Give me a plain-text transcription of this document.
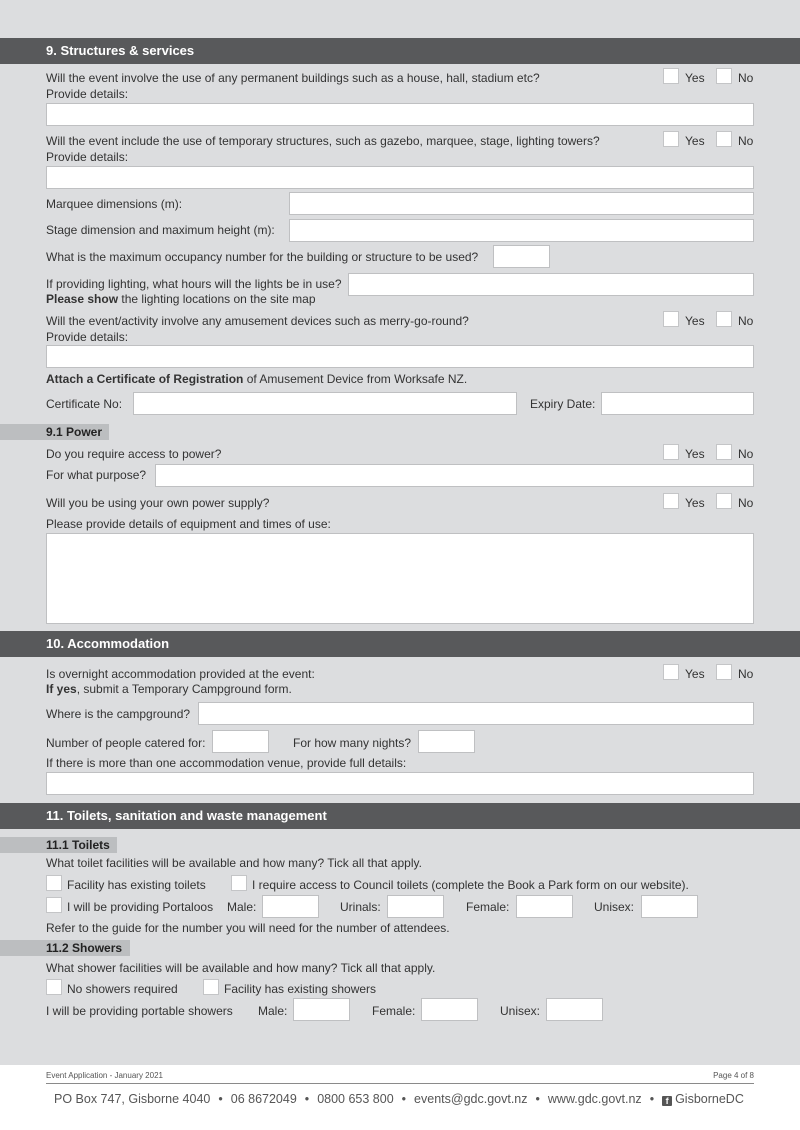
9. Structures & services
Will the event involve the use of any permanent buildings such as a house, hall, stadium etc?	Yes	No
Provide details:
Will the event include the use of temporary structures, such as gazebo, marquee, stage, lighting towers?	Yes	No
Provide details:
Marquee dimensions (m):
Stage dimension and maximum height (m):
What is the maximum occupancy number for the building or structure to be used?
If providing lighting, what hours will the lights be in use?
Please show the lighting locations on the site map
Will the event/activity involve any amusement devices such as merry-go-round?	Yes	No
Provide details:
Attach a Certificate of Registration of Amusement Device from Worksafe NZ.
Certificate No:	Expiry Date:
9.1 Power
Do you require access to power?	Yes	No
For what purpose?
Will you be using your own power supply?	Yes	No
Please provide details of equipment and times of use:
10. Accommodation
Is overnight accommodation provided at the event:	Yes	No
If yes, submit a Temporary Campground form.
Where is the campground?
Number of people catered for:	For how many nights?
If there is more than one accommodation venue, provide full details:
11. Toilets, sanitation and waste management
11.1 Toilets
What toilet facilities will be available and how many? Tick all that apply.
Facility has existing toilets	I require access to Council toilets (complete the Book a Park form on our website).
I will be providing Portaloos Male:	Urinals:	Female:	Unisex:
Refer to the guide for the number you will need for the number of attendees.
11.2 Showers
What shower facilities will be available and how many? Tick all that apply.
No showers required	Facility has existing showers
I will be providing portable showers Male:	Female:	Unisex:
Event Application - January 2021	Page 4 of 8
PO Box 747, Gisborne 4040 • 06 8672049 • 0800 653 800 • events@gdc.govt.nz • www.gdc.govt.nz • f GisborneDC
